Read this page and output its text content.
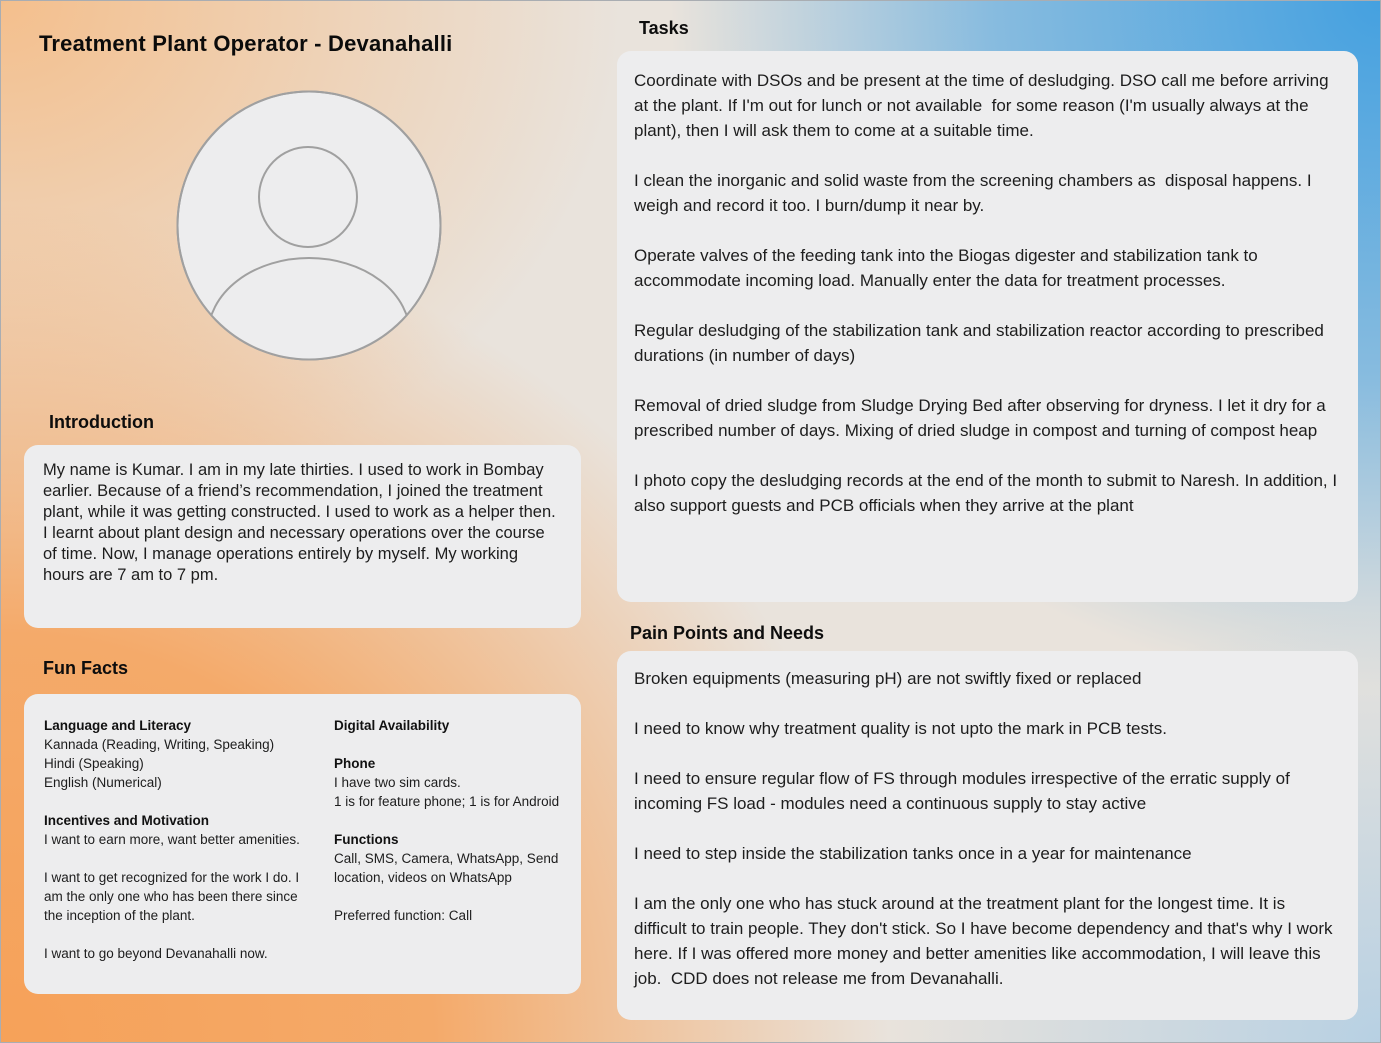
Treatment Plant Operator - Devanahalli
Introduction

My name is Kumar. I am in my late thirties. I used to work in Bombay earlier. Because of a friend’s recommendation, I joined the treatment plant, while it was getting constructed. I used to work as a helper then. I learnt about plant design and necessary operations over the course of time. Now, I manage operations entirely by myself. My working hours are 7 am to 7 pm.

Fun Facts
Language and Literacy
Kannada (Reading, Writing, Speaking)
Hindi (Speaking)
English (Numerical)
Incentives and Motivation
I want to earn more, want better amenities.
I want to get recognized for the work I do. I am the only one who has been there since the inception of the plant.
I want to go beyond Devanahalli now.
Digital Availability
Phone
I have two sim cards.
1 is for feature phone; 1 is for Android
Functions
Call, SMS, Camera, WhatsApp, Send location, videos on WhatsApp
Preferred function: Call
Tasks

Coordinate with DSOs and be present at the time of desludging. DSO call me before arriving at the plant. If I'm out for lunch or not available  for some reason (I'm usually always at the plant), then I will ask them to come at a suitable time.

I clean the inorganic and solid waste from the screening chambers as  disposal happens. I weigh and record it too. I burn/dump it near by.

Operate valves of the feeding tank into the Biogas digester and stabilization tank to accommodate incoming load. Manually enter the data for treatment processes.

Regular desludging of the stabilization tank and stabilization reactor according to prescribed durations (in number of days)

Removal of dried sludge from Sludge Drying Bed after observing for dryness. I let it dry for a prescribed number of days. Mixing of dried sludge in compost and turning of compost heap

I photo copy the desludging records at the end of the month to submit to Naresh. In addition, I also support guests and PCB officials when they arrive at the plant

Pain Points and Needs

Broken equipments (measuring pH) are not swiftly fixed or replaced

I need to know why treatment quality is not upto the mark in PCB tests.

I need to ensure regular flow of FS through modules irrespective of the erratic supply of incoming FS load - modules need a continuous supply to stay active

I need to step inside the stabilization tanks once in a year for maintenance

I am the only one who has stuck around at the treatment plant for the longest time. It is difficult to train people. They don't stick. So I have become dependency and that's why I work here. If I was offered more money and better amenities like accommodation, I will leave this job.  CDD does not release me from Devanahalli.
